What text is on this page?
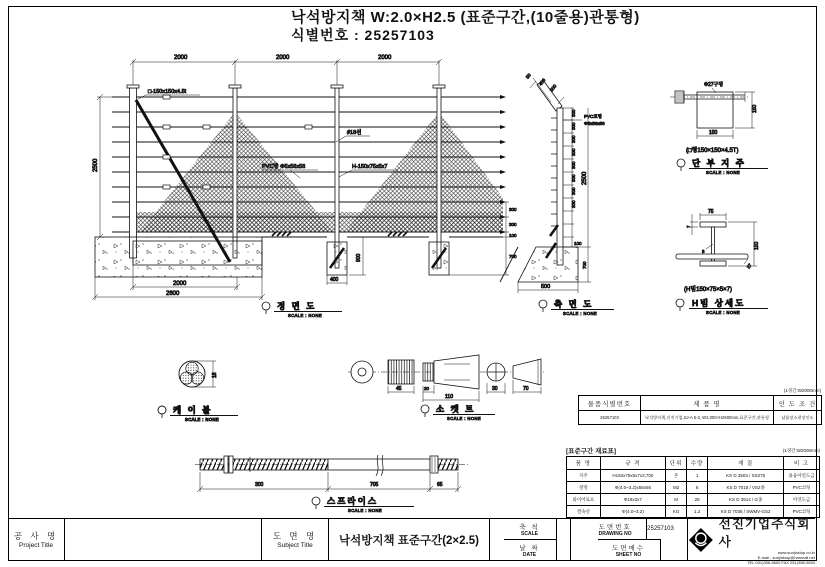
낙석방지책 W:2.0×H2.5 (표준구간,(10줄용)관통형)
식별번호 : 25257103
2000	2000	2000
2500
2000
2600
400
900
300
300
100
700
□-150x150x4.5t
#18선
PVC망 Φ5x56x56	H-150x75x5x7
정 면 도
SCALE : NONE
50
400
500
300
300
300
300
300
300
300
300
100
2500
700
500
PVC코팅
Φ5x56x56
측 면 도
SCALE : NONE
Φ27구멍
150
150
(□형150×150×4.5T)
단 부 지 주
SCALE : NONE
75
7
5
150
27
(H빔150×75×5×7)
H빔 상세도
SCALE : NONE
18
케 이 블
SCALE : NONE
45	20
110
30	70
소 켓 트
SCALE : NONE
300	705	65
스프라이스
SCALE : NONE
(1경간:W2000mm)
물품식별번호	제 품 명	인 도 조 건
25257103	낙석방지책,선진기업,SJ-A 5-3, W2,000×H2500mm,표준구간,관통형	납품장소현장인도
[표준구간 재료표]	(1경간:W2000mm)
품 명	규 격	단위	수량	재 질	비 고
지주	H150x75x5x7x3,700	본	1	KS D 3503 / SS275	용융아연도금
철망	Φ(4.0~3.2)x56x56	M2	6	KS D 7018 / VS2종	PVC코팅
와이어로프	Φ18x3x7	M	28	KS D 3514 / G종	아연도금
결속선	Φ(4.0~3.2)	KG	1.2	KS D 7036 / SWMV-GS2	PVC코팅
공 사 명
Project Title
도 면 명
Subject Title 낙석방지책 표준구간(2×2.5)
축 척
SCALE
날 짜
DATE
도면번호
DRAWING NO
25257103
도면매수
SHEET NO
선진기업주식회사
www.sunjinkiup.co.kr
E-mail : sunjinkiup@hanmail.net
TEL 031)356-9600 FAX 031)356-9633
